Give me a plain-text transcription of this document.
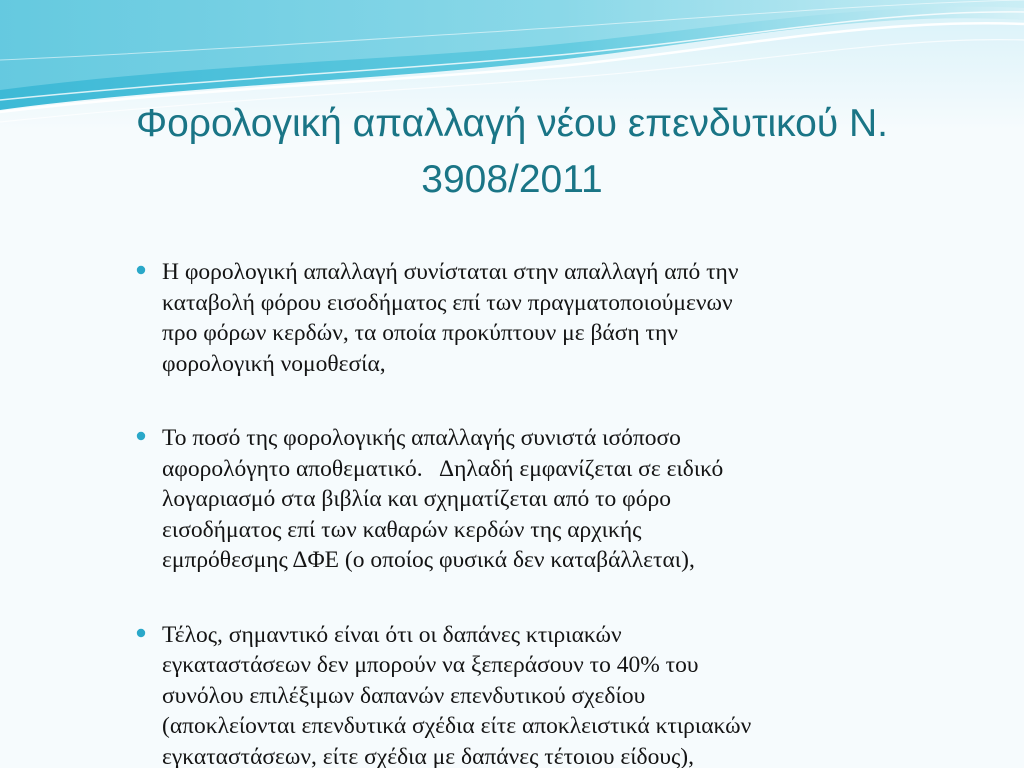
Φορολογική απαλλαγή νέου επενδυτικού Ν.
3908/2011
Η φορολογική απαλλαγή συνίσταται στην απαλλαγή από την
καταβολή φόρου εισοδήματος επί των πραγματοποιούμενων
προ φόρων κερδών, τα οποία προκύπτουν με βάση την
φορολογική νομοθεσία,
Το ποσό της φορολογικής απαλλαγής συνιστά ισόποσο
αφορολόγητο αποθεματικό.   Δηλαδή εμφανίζεται σε ειδικό
λογαριασμό στα βιβλία και σχηματίζεται από το φόρο
εισοδήματος επί των καθαρών κερδών της αρχικής
εμπρόθεσμης ΔΦΕ (ο οποίος φυσικά δεν καταβάλλεται),
Τέλος, σημαντικό είναι ότι οι δαπάνες κτιριακών
εγκαταστάσεων δεν μπορούν να ξεπεράσουν το 40% του
συνόλου επιλέξιμων δαπανών επενδυτικού σχεδίου
(αποκλείονται επενδυτικά σχέδια είτε αποκλειστικά κτιριακών
εγκαταστάσεων, είτε σχέδια με δαπάνες τέτοιου είδους),
